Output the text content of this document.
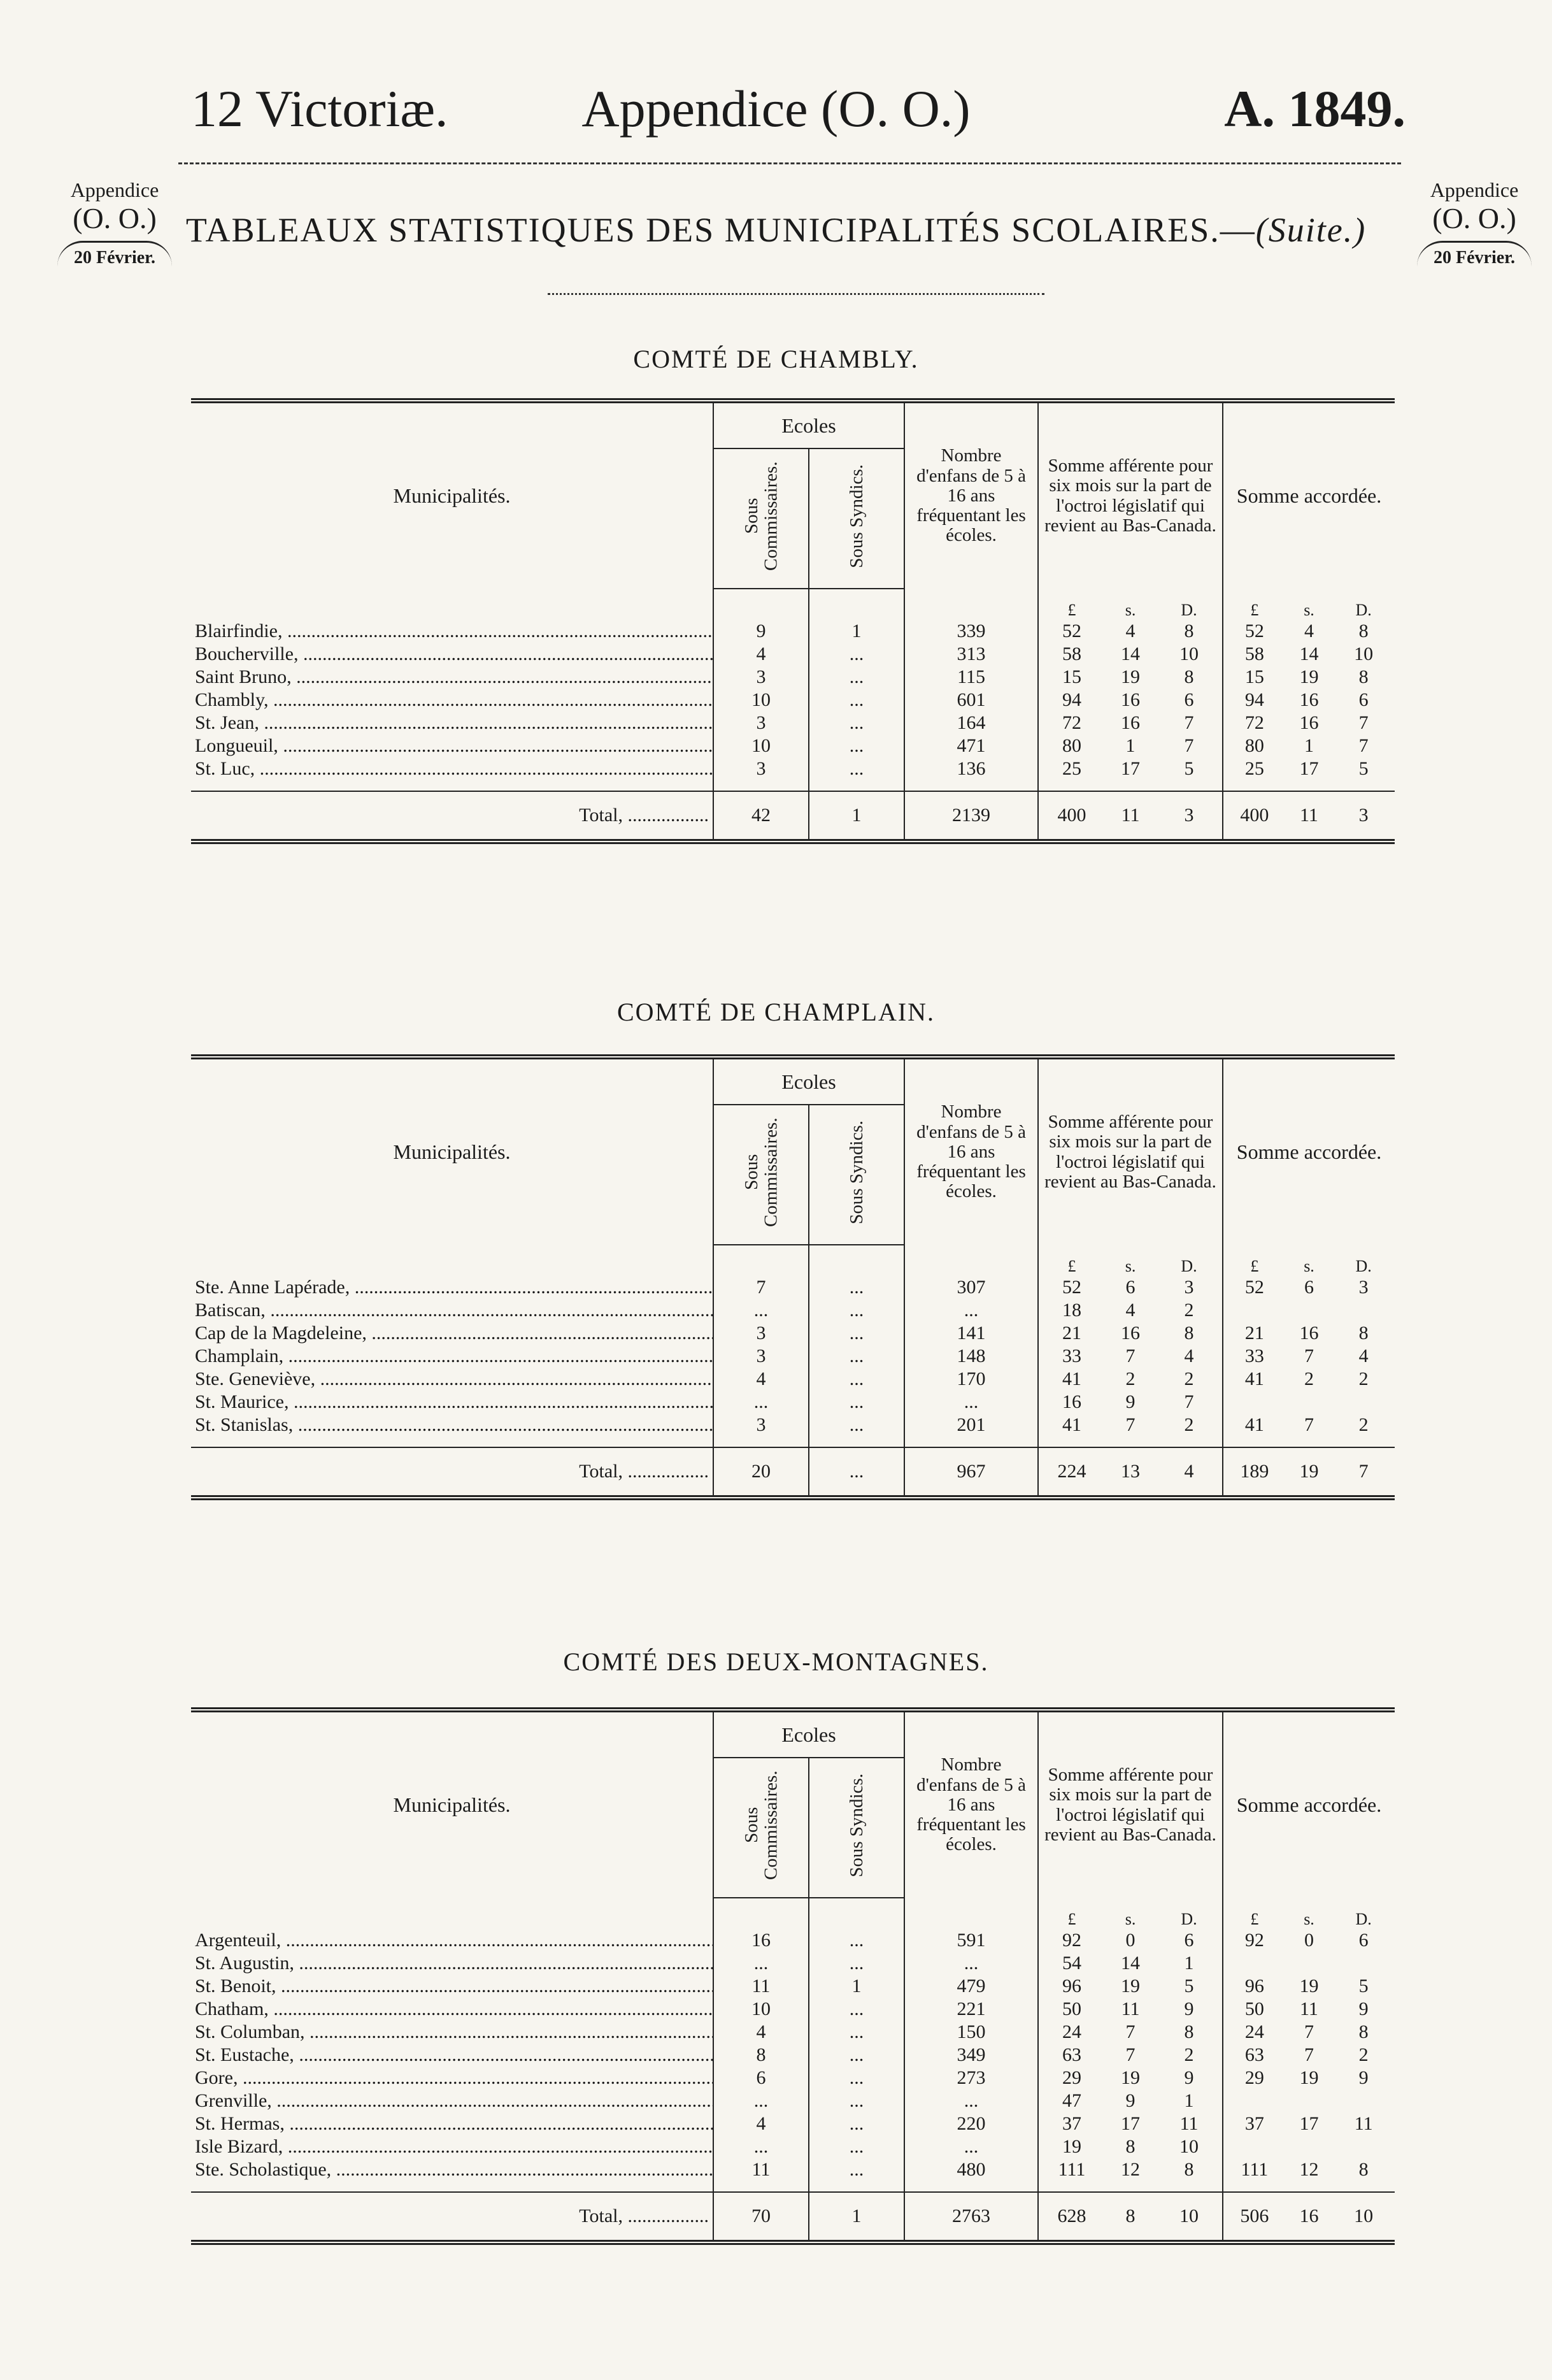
Appendice (O. O.)
12 Victoriæ.	A. 1849.
Appendice
(O. O.)
20 Février.
Appendice
(O. O.)
20 Février.
TABLEAUX STATISTIQUES DES MUNICIPALITÉS SCOLAIRES.—(Suite.)
COMTÉ DE CHAMBLY.
COMTÉ DE CHAMPLAIN.
COMTÉ DES DEUX-MONTAGNES.
Municipalités.	Ecoles		Nombre d'enfans de 5 à 16 ans fréquentant les écoles.	Somme afférente pour six mois sur la part de l'octroi législatif qui revient au Bas-Canada.	Somme accordée.
	Sous Commissaires.	Sous Syndics.			

				£ s. D.	£ s. D.

Blairfindie, .....	9	1	339	52 4 8	52 4 8

Boucherville, .....	4	...	313	58 14 10	58 14 10

Saint Bruno, .....	3	...	115	15 19 8	15 19 8

Chambly, .....	10	...	601	94 16 6	94 16 6

St. Jean, .....	3	...	164	72 16 7	72 16 7

Longueuil, .....	10	...	471	80 1 7	80 1 7

St. Luc, .....	3	...	136	25 17 5	25 17 5

Total, .....	42	1	2139	400 11 3	400 11 3
Municipalités.	Ecoles		Nombre d'enfans de 5 à 16 ans fréquentant les écoles.	Somme afférente pour six mois sur la part de l'octroi législatif qui revient au Bas-Canada.	Somme accordée.
	Sous Commissaires.	Sous Syndics.			

				£ s. D.	£ s. D.

Ste. Anne Lapérade, .....	7	...	307	52 6 3	52 6 3

Batiscan, .....	...	...	...	18 4 2	

Cap de la Magdeleine, .....	3	...	141	21 16 8	21 16 8

Champlain, .....	3	...	148	33 7 4	33 7 4

Ste. Geneviève, .....	4	...	170	41 2 2	41 2 2

St. Maurice, .....	...	...	...	16 9 7	

St. Stanislas, .....	3	...	201	41 7 2	41 7 2

Total, .....	20	...	967	224 13 4	189 19 7
Municipalités.	Ecoles		Nombre d'enfans de 5 à 16 ans fréquentant les écoles.	Somme afférente pour six mois sur la part de l'octroi législatif qui revient au Bas-Canada.	Somme accordée.
	Sous Commissaires.	Sous Syndics.			

				£ s. D.	£ s. D.

Argenteuil, .....	16	...	591	92 0 6	92 0 6

St. Augustin, .....	...	...	...	54 14 1	

St. Benoit, .....	11	1	479	96 19 5	96 19 5

Chatham, .....	10	...	221	50 11 9	50 11 9

St. Columban, .....	4	...	150	24 7 8	24 7 8

St. Eustache, .....	8	...	349	63 7 2	63 7 2

Gore, .....	6	...	273	29 19 9	29 19 9

Grenville, .....	...	...	...	47 9 1	

St. Hermas, .....	4	...	220	37 17 11	37 17 11

Isle Bizard, .....	...	...	...	19 8 10	

Ste. Scholastique, .....	11	...	480	111 12 8	111 12 8

Total, .....	70	1	2763	628 8 10	506 16 10
